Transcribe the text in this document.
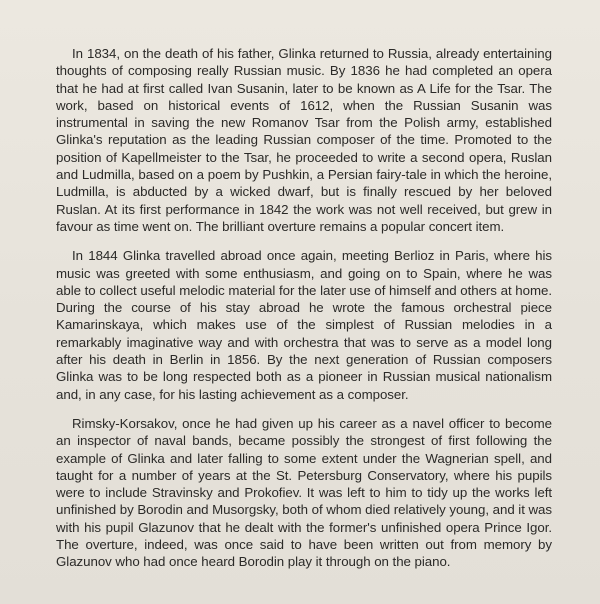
In 1834, on the death of his father, Glinka returned to Russia, already entertaining thoughts of composing really Russian music. By 1836 he had completed an opera that he had at first called Ivan Susanin, later to be known as A Life for the Tsar. The work, based on historical events of 1612, when the Russian Susanin was instrumental in saving the new Romanov Tsar from the Polish army, established Glinka's reputation as the leading Russian composer of the time. Promoted to the position of Kapellmeister to the Tsar, he proceeded to write a second opera, Ruslan and Ludmilla, based on a poem by Pushkin, a Persian fairy-tale in which the heroine, Ludmilla, is abducted by a wicked dwarf, but is finally rescued by her beloved Ruslan. At its first performance in 1842 the work was not well received, but grew in favour as time went on. The brilliant overture remains a popular concert item.

In 1844 Glinka travelled abroad once again, meeting Berlioz in Paris, where his music was greeted with some enthusiasm, and going on to Spain, where he was able to collect useful melodic material for the later use of himself and others at home. During the course of his stay abroad he wrote the famous orchestral piece Kamarinskaya, which makes use of the simplest of Russian melodies in a remarkably imaginative way and with orchestra that was to serve as a model long after his death in Berlin in 1856. By the next generation of Russian composers Glinka was to be long respected both as a pioneer in Russian musical nationalism and, in any case, for his lasting achievement as a composer.

Rimsky-Korsakov, once he had given up his career as a navel officer to become an inspector of naval bands, became possibly the strongest of first following the example of Glinka and later falling to some extent under the Wagnerian spell, and taught for a number of years at the St. Petersburg Conservatory, where his pupils were to include Stravinsky and Prokofiev. It was left to him to tidy up the works left unfinished by Borodin and Musorgsky, both of whom died relatively young, and it was with his pupil Glazunov that he dealt with the former's unfinished opera Prince Igor. The overture, indeed, was once said to have been written out from memory by Glazunov who had once heard Borodin play it through on the piano.
